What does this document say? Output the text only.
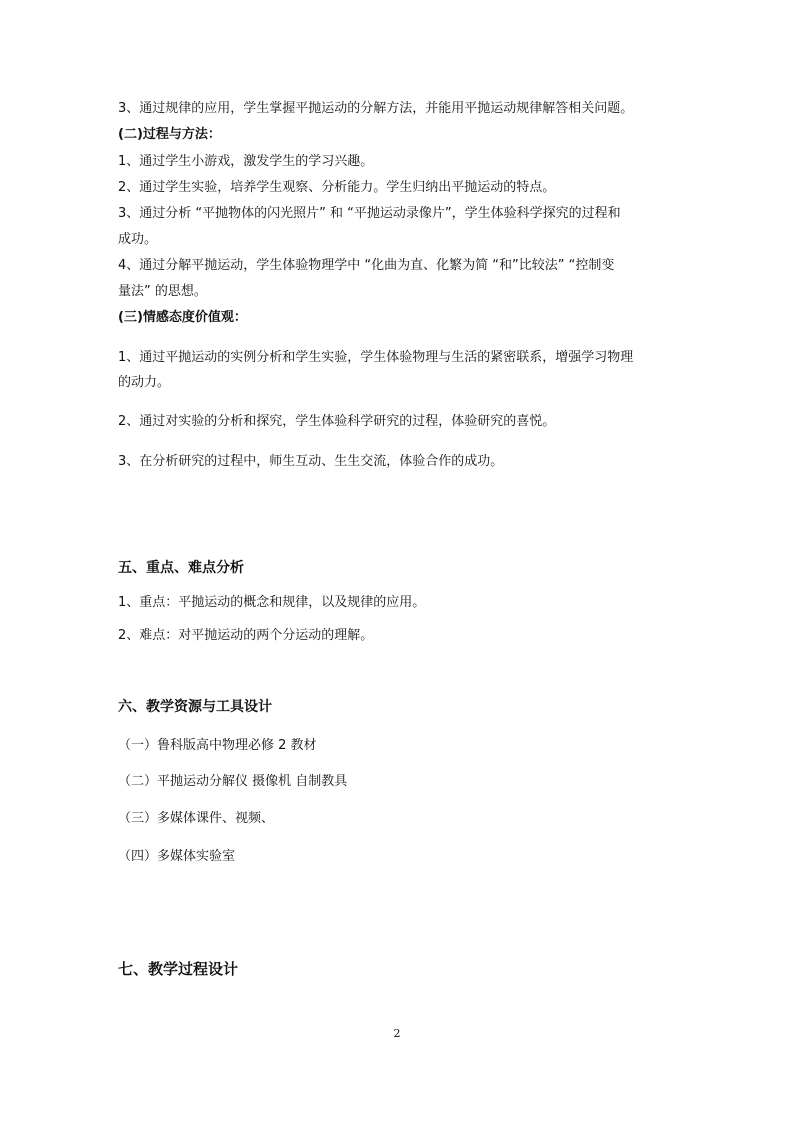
3、通过规律的应用，学生掌握平抛运动的分解方法，并能用平抛运动规律解答相关问题。
(二)过程与方法：
1、通过学生小游戏，激发学生的学习兴趣。
2、通过学生实验，培养学生观察、分析能力。学生归纳出平抛运动的特点。
3、通过分析 “平抛物体的闪光照片” 和 “平抛运动录像片”，学生体验科学探究的过程和
成功。
4、通过分解平抛运动，学生体验物理学中 “化曲为直、化繁为简 “和”比较法” “控制变
量法” 的思想。
(三)情感态度价值观：
1、通过平抛运动的实例分析和学生实验，学生体验物理与生活的紧密联系，增强学习物理
的动力。
2、通过对实验的分析和探究，学生体验科学研究的过程，体验研究的喜悦。
3、在分析研究的过程中，师生互动、生生交流，体验合作的成功。
五、重点、难点分析
1、重点：平抛运动的概念和规律，以及规律的应用。
2、难点：对平抛运动的两个分运动的理解。
六、教学资源与工具设计
（一）鲁科版高中物理必修 2 教材
（二）平抛运动分解仪 摄像机 自制教具
（三）多媒体课件、视频、
（四）多媒体实验室
七、教学过程设计
2
